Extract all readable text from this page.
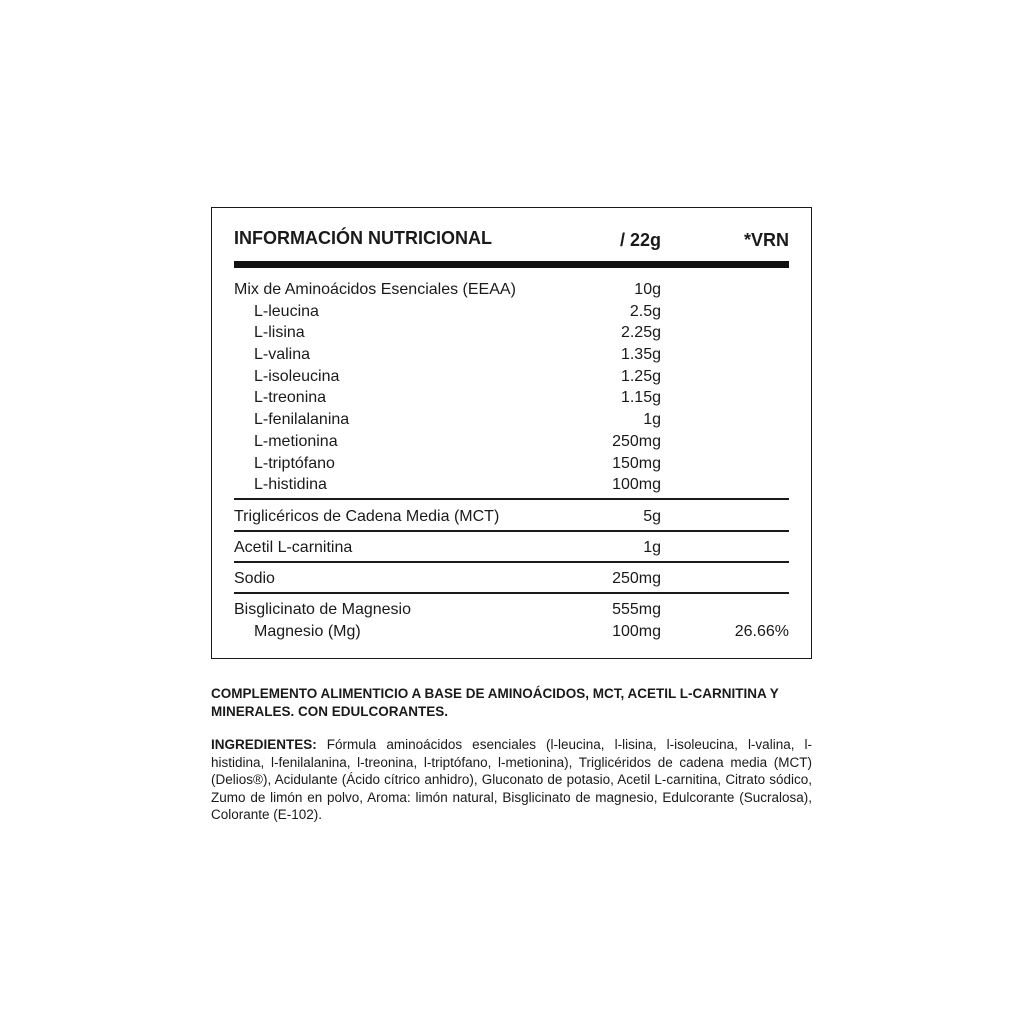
INFORMACIÓN NUTRICIONAL	/ 22g	*VRN
Mix de Aminoácidos Esenciales (EEAA)	10g
L-leucina	2.5g
L-lisina	2.25g
L-valina	1.35g
L-isoleucina	1.25g
L-treonina	1.15g
L-fenilalanina	1g
L-metionina	250mg
L-triptófano	150mg
L-histidina	100mg
Triglicéricos de Cadena Media (MCT)	5g
Acetil L-carnitina	1g
Sodio	250mg
Bisglicinato de Magnesio	555mg
Magnesio (Mg)	100mg	26.66%
COMPLEMENTO ALIMENTICIO A BASE DE AMINOÁCIDOS, MCT, ACETIL L-CARNITINA Y MINERALES. CON EDULCORANTES.
INGREDIENTES: Fórmula aminoácidos esenciales (l-leucina, l-lisina, l-isoleucina, l-valina, l-histidina, l-fenilalanina, l-treonina, l-triptófano, l-metionina), Triglicéridos de cadena media (MCT) (Delios®), Acidulante (Ácido cítrico anhidro), Gluconato de potasio, Acetil L-carnitina, Citrato sódico, Zumo de limón en polvo, Aroma: limón natural, Bisglicinato de magnesio, Edulcorante (Sucralosa), Colorante (E-102).
